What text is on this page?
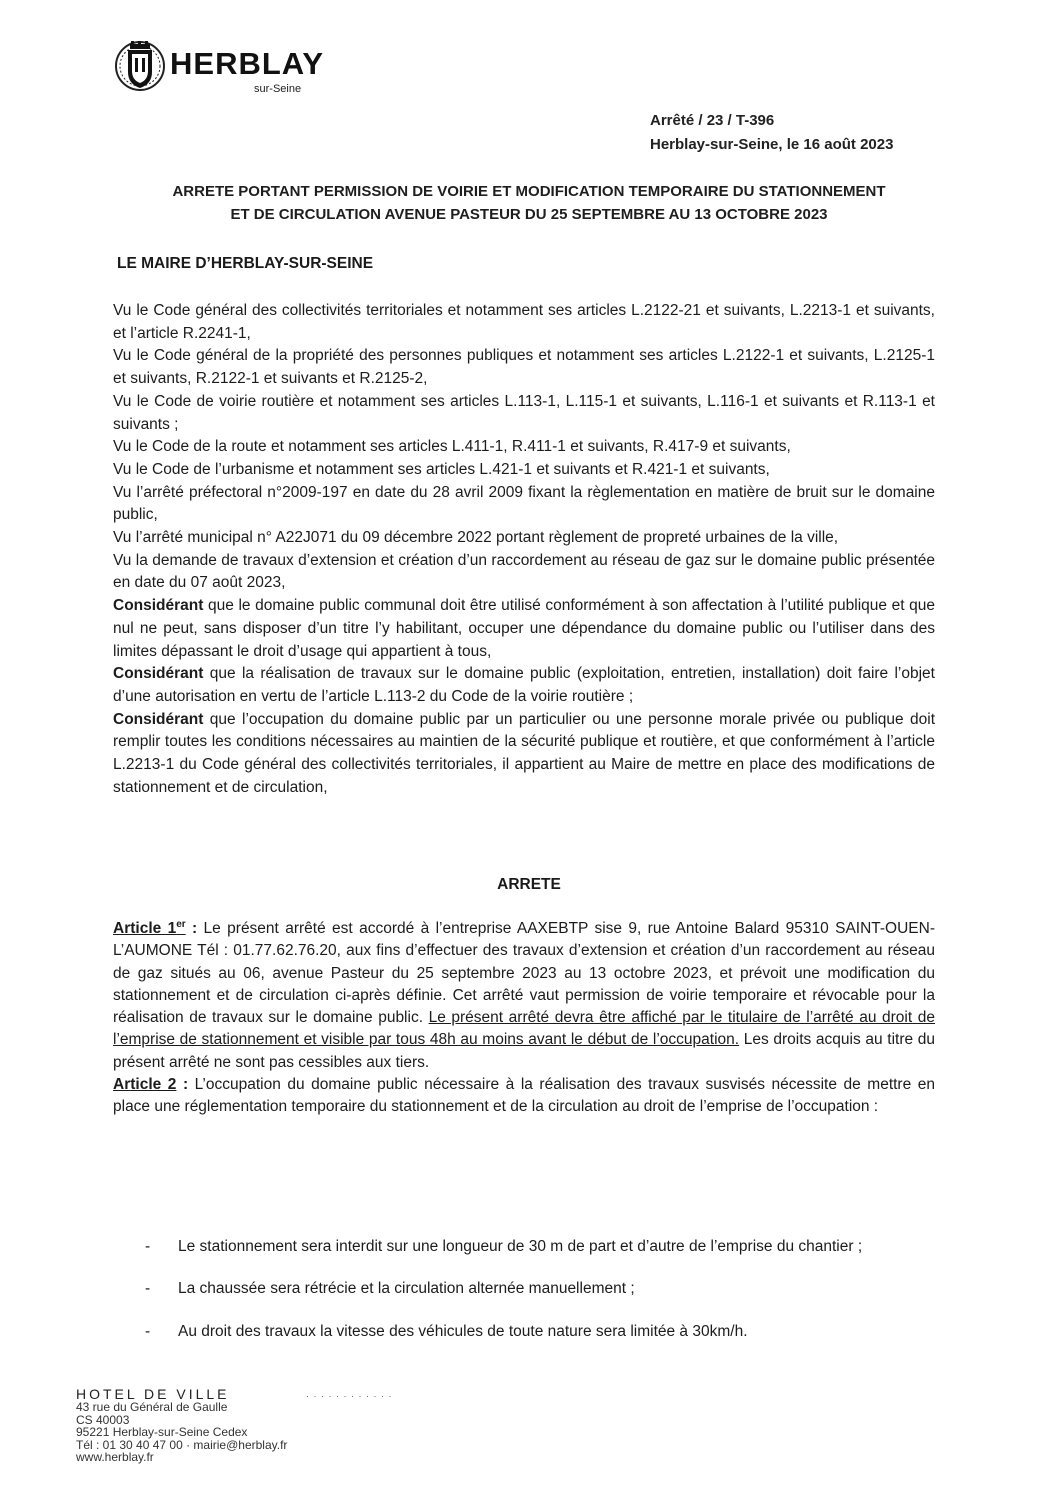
HERBLAY
sur-Seine
Arrêté / 23 / T-396
Herblay-sur-Seine, le 16 août 2023
ARRETE PORTANT PERMISSION DE VOIRIE ET MODIFICATION TEMPORAIRE DU STATIONNEMENT
ET DE CIRCULATION AVENUE PASTEUR DU 25 SEPTEMBRE AU 13 OCTOBRE 2023
LE MAIRE D’HERBLAY-SUR-SEINE

Vu le Code général des collectivités territoriales et notamment ses articles L.2122-21 et suivants, L.2213-1 et suivants, et l’article R.2241-1,

Vu le Code général de la propriété des personnes publiques et notamment ses articles L.2122-1 et suivants, L.2125-1 et suivants, R.2122-1 et suivants et R.2125-2,

Vu le Code de voirie routière et notamment ses articles L.113-1, L.115-1 et suivants, L.116-1 et suivants et R.113-1 et suivants ;

Vu le Code de la route et notamment ses articles L.411-1, R.411-1 et suivants, R.417-9 et suivants,

Vu le Code de l’urbanisme et notamment ses articles L.421-1 et suivants et R.421-1 et suivants,

Vu l’arrêté préfectoral n°2009-197 en date du 28 avril 2009 fixant la règlementation en matière de bruit sur le domaine public,

Vu l’arrêté municipal n° A22J071 du 09 décembre 2022 portant règlement de propreté urbaines de la ville,

Vu la demande de travaux d’extension et création d’un raccordement au réseau de gaz sur le domaine public présentée en date du 07 août 2023,

Considérant que le domaine public communal doit être utilisé conformément à son affectation à l’utilité publique et que nul ne peut, sans disposer d’un titre l’y habilitant, occuper une dépendance du domaine public ou l’utiliser dans des limites dépassant le droit d’usage qui appartient à tous,

Considérant que la réalisation de travaux sur le domaine public (exploitation, entretien, installation) doit faire l’objet d’une autorisation en vertu de l’article L.113-2 du Code de la voirie routière ;

Considérant que l’occupation du domaine public par un particulier ou une personne morale privée ou publique doit remplir toutes les conditions nécessaires au maintien de la sécurité publique et routière, et que conformément à l’article L.2213-1 du Code général des collectivités territoriales, il appartient au Maire de mettre en place des modifications de stationnement et de circulation,

ARRETE

Article 1er : Le présent arrêté est accordé à l’entreprise AAXEBTP sise 9, rue Antoine Balard 95310 SAINT-OUEN-L’AUMONE Tél : 01.77.62.76.20, aux fins d’effectuer des travaux d’extension et création d’un raccordement au réseau de gaz situés au 06, avenue Pasteur du 25 septembre 2023 au 13 octobre 2023, et prévoit une modification du stationnement et de circulation ci-après définie. Cet arrêté vaut permission de voirie temporaire et révocable pour la réalisation de travaux sur le domaine public. Le présent arrêté devra être affiché par le titulaire de l’arrêté au droit de l’emprise de stationnement et visible par tous 48h au moins avant le début de l’occupation. Les droits acquis au titre du présent arrêté ne sont pas cessibles aux tiers.

Article 2 : L’occupation du domaine public nécessaire à la réalisation des travaux susvisés nécessite de mettre en place une réglementation temporaire du stationnement et de la circulation au droit de l’emprise de l’occupation :

- Le stationnement sera interdit sur une longueur de 30 m de part et d’autre de l’emprise du chantier ;
- La chaussée sera rétrécie et la circulation alternée manuellement ;
- Au droit des travaux la vitesse des véhicules de toute nature sera limitée à 30km/h.
HOTEL DE VILLE	· · · · · · · · · · · ·
43 rue du Général de Gaulle
CS 40003
95221 Herblay-sur-Seine Cedex
Tél : 01 30 40 47 00 · mairie@herblay.fr
www.herblay.fr
